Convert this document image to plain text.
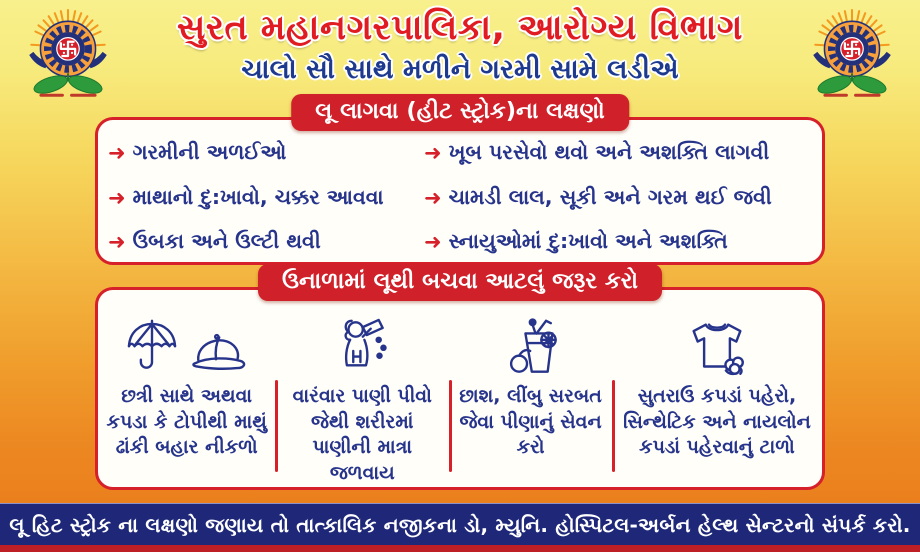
સુરત મહાનગરપાલિકા, આરોગ્ય વિભાગ
ચાલો સૌ સાથે મળીને ગરમી સામે લડીએ
લૂ લાગવા (હીટ સ્ટ્રોક)ના લક્ષણો
➜ ગરમીની અળઈઓ
➜ માથાનો દુ:ખાવો, ચક્કર આવવા
➜ ઉબકા અને ઉલ્ટી થવી
➜ ખૂબ પરસેવો થવો અને અશક્તિ લાગવી
➜ ચામડી લાલ, સૂકી અને ગરમ થઈ જવી
➜ સ્નાયુઓમાં દુ:ખાવો અને અશક્તિ
ઉનાળામાં લૂથી બચવા આટલું જરૂર કરો
છત્રી સાથે અથવા કપડા કે ટોપીથી માથું ઢાંકી બહાર નીકળો
વારંવાર પાણી પીવો જેથી શરીરમાં પાણીની માત્રા જળવાય
છાશ, લીંબુ સરબત જેવા પીણાનું સેવન કરો
સુતરાઉ કપડાં પહેરો, સિન્થેટિક અને નાયલોન કપડાં પહેરવાનું ટાળો
લૂ હિટ સ્ટ્રોક ના લક્ષણો જણાય તો તાત્કાલિક નજીકના ડો, મ્યુનિ. હોસ્પિટલ-અર્બન હેલ્થ સેન્ટરનો સંપર્ક કરો.
